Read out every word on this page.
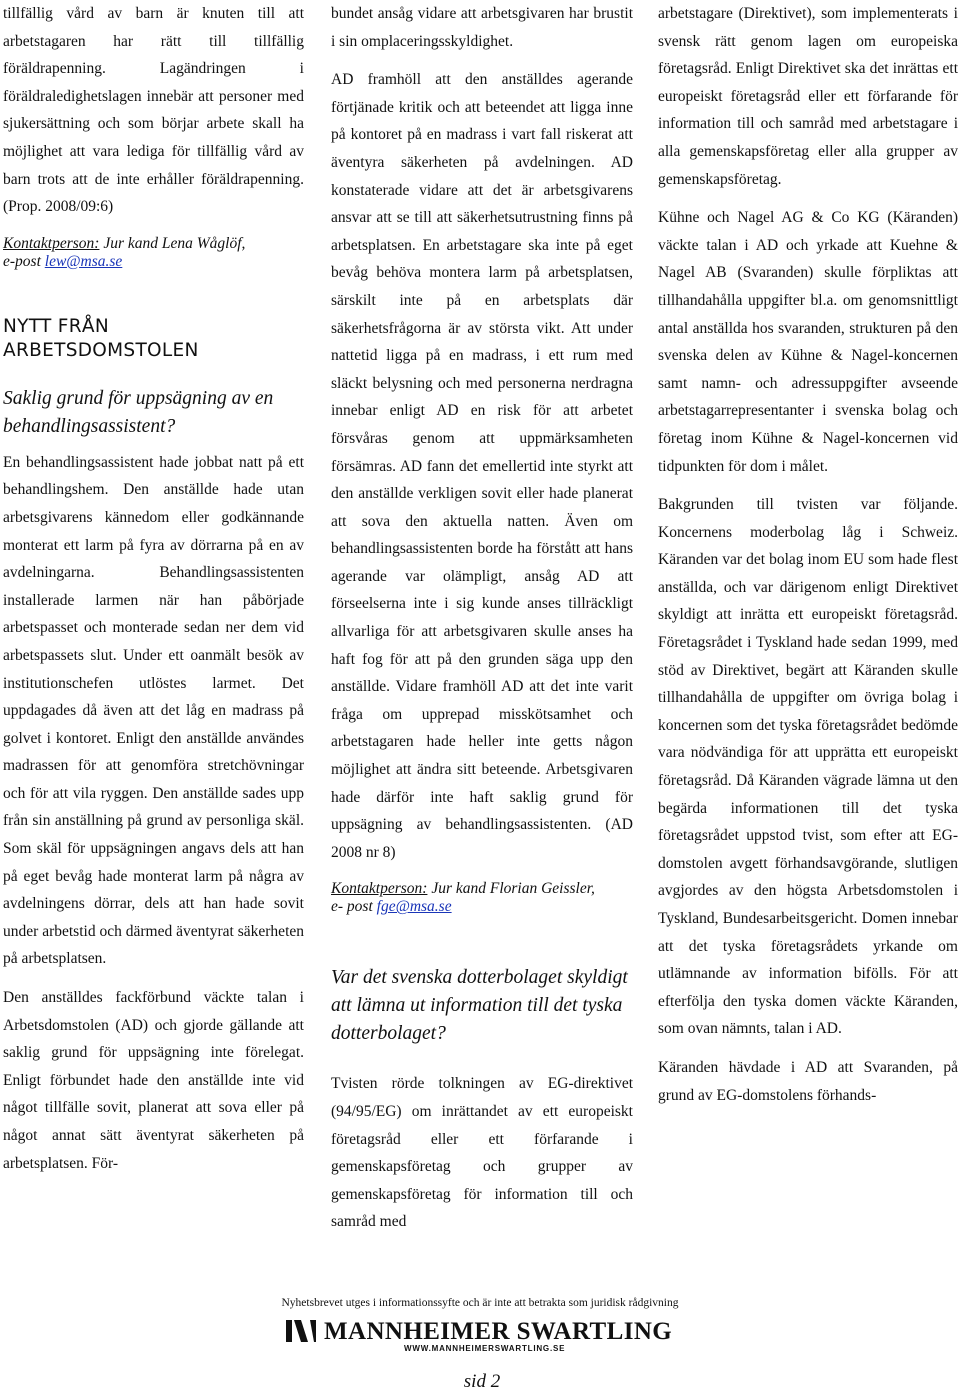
tillfällig vård av barn är knuten till att arbetstagaren har rätt till tillfällig föräldrapenning. Lagändringen i föräldraledighetslagen innebär att personer med sjukersättning och som börjar arbete skall ha möjlighet att vara lediga för tillfällig vård av barn trots att de inte erhåller föräldrapenning. (Prop. 2008/09:6)

Kontaktperson: Jur kand Lena Wåglöf,
e-post lew@msa.se
NYTT FRÅN ARBETSDOMSTOLEN
Saklig grund för uppsägning av en behandlingsassistent?

En behandlingsassistent hade jobbat natt på ett behandlingshem. Den anställde hade utan arbetsgivarens kännedom eller godkännande monterat ett larm på fyra av dörrarna på en av avdelningarna. Behandlingsassistenten installerade larmen när han påbörjade arbetspasset och monterade sedan ner dem vid arbetspassets slut. Under ett oanmält besök av institutionschefen utlöstes larmet. Det uppdagades då även att det låg en madrass på golvet i kontoret. Enligt den anställde användes madrassen för att genomföra stretchövningar och för att vila ryggen. Den anställde sades upp från sin anställning på grund av personliga skäl. Som skäl för uppsägningen angavs dels att han på eget bevåg hade monterat larm på några av avdelningens dörrar, dels att han hade sovit under arbetstid och därmed äventyrat säkerheten på arbetsplatsen.

Den anställdes fackförbund väckte talan i Arbetsdomstolen (AD) och gjorde gällande att saklig grund för uppsägning inte förelegat. Enligt förbundet hade den anställde inte vid något tillfälle sovit, planerat att sova eller på något annat sätt äventyrat säkerheten på arbetsplatsen. För-

bundet ansåg vidare att arbetsgivaren har brustit i sin omplaceringsskyldighet.

AD framhöll att den anställdes agerande förtjänade kritik och att beteendet att ligga inne på kontoret på en madrass i vart fall riskerat att äventyra säkerheten på avdelningen. AD konstaterade vidare att det är arbetsgivarens ansvar att se till att säkerhetsutrustning finns på arbetsplatsen. En arbetstagare ska inte på eget bevåg behöva montera larm på arbetsplatsen, särskilt inte på en arbetsplats där säkerhetsfrågorna är av största vikt. Att under nattetid ligga på en madrass, i ett rum med släckt belysning och med personerna nerdragna innebar enligt AD en risk för att arbetet försvåras genom att uppmärksamheten försämras. AD fann det emellertid inte styrkt att den anställde verkligen sovit eller hade planerat att sova den aktuella natten. Även om behandlingsassistenten borde ha förstått att hans agerande var olämpligt, ansåg AD att förseelserna inte i sig kunde anses tillräckligt allvarliga för att arbetsgivaren skulle anses ha haft fog för att på den grunden säga upp den anställde. Vidare framhöll AD att det inte varit fråga om upprepad misskötsamhet och arbetstagaren hade heller inte getts någon möjlighet att ändra sitt beteende. Arbetsgivaren hade därför inte haft saklig grund för uppsägning av behandlingsassistenten. (AD 2008 nr 8)

Kontaktperson: Jur kand Florian Geissler,
e- post fge@msa.se
Var det svenska dotterbolaget skyldigt att lämna ut information till det tyska dotterbolaget?

Tvisten rörde tolkningen av EG-direktivet (94/95/EG) om inrättandet av ett europeiskt företagsråd eller ett förfarande i gemenskapsföretag och grupper av gemenskapsföretag för information till och samråd med

arbetstagare (Direktivet), som implementerats i svensk rätt genom lagen om europeiska företagsråd. Enligt Direktivet ska det inrättas ett europeiskt företagsråd eller ett förfarande för information till och samråd med arbetstagare i alla gemenskapsföretag eller alla grupper av gemenskapsföretag.

Kühne och Nagel AG & Co KG (Käranden) väckte talan i AD och yrkade att Kuehne & Nagel AB (Svaranden) skulle förpliktas att tillhandahålla uppgifter bl.a. om genomsnittligt antal anställda hos svaranden, strukturen på den svenska delen av Kühne & Nagel-koncernen samt namn- och adressuppgifter avseende arbetstagarrepresentanter i svenska bolag och företag inom Kühne & Nagel-koncernen vid tidpunkten för dom i målet.

Bakgrunden till tvisten var följande. Koncernens moderbolag låg i Schweiz. Käranden var det bolag inom EU som hade flest anställda, och var därigenom enligt Direktivet skyldigt att inrätta ett europeiskt företagsråd. Företagsrådet i Tyskland hade sedan 1999, med stöd av Direktivet, begärt att Käranden skulle tillhandahålla de uppgifter om övriga bolag i koncernen som det tyska företagsrådet bedömde vara nödvändiga för att upprätta ett europeiskt företagsråd. Då Käranden vägrade lämna ut den begärda informationen till det tyska företagsrådet uppstod tvist, som efter att EG-domstolen avgett förhandsavgörande, slutligen avgjordes av den högsta Arbetsdomstolen i Tyskland, Bundesarbeitsgericht. Domen innebar att det tyska företagsrådets yrkande om utlämnande av information bifölls. För att efterfölja den tyska domen väckte Käranden, som ovan nämnts, talan i AD.

Käranden hävdade i AD att Svaranden, på grund av EG-domstolens förhands-

Nyhetsbrevet utges i informationssyfte och är inte att betrakta som juridisk rådgivning
MANNHEIMER SWARTLING
WWW.MANNHEIMERSWARTLING.SE
sid 2
